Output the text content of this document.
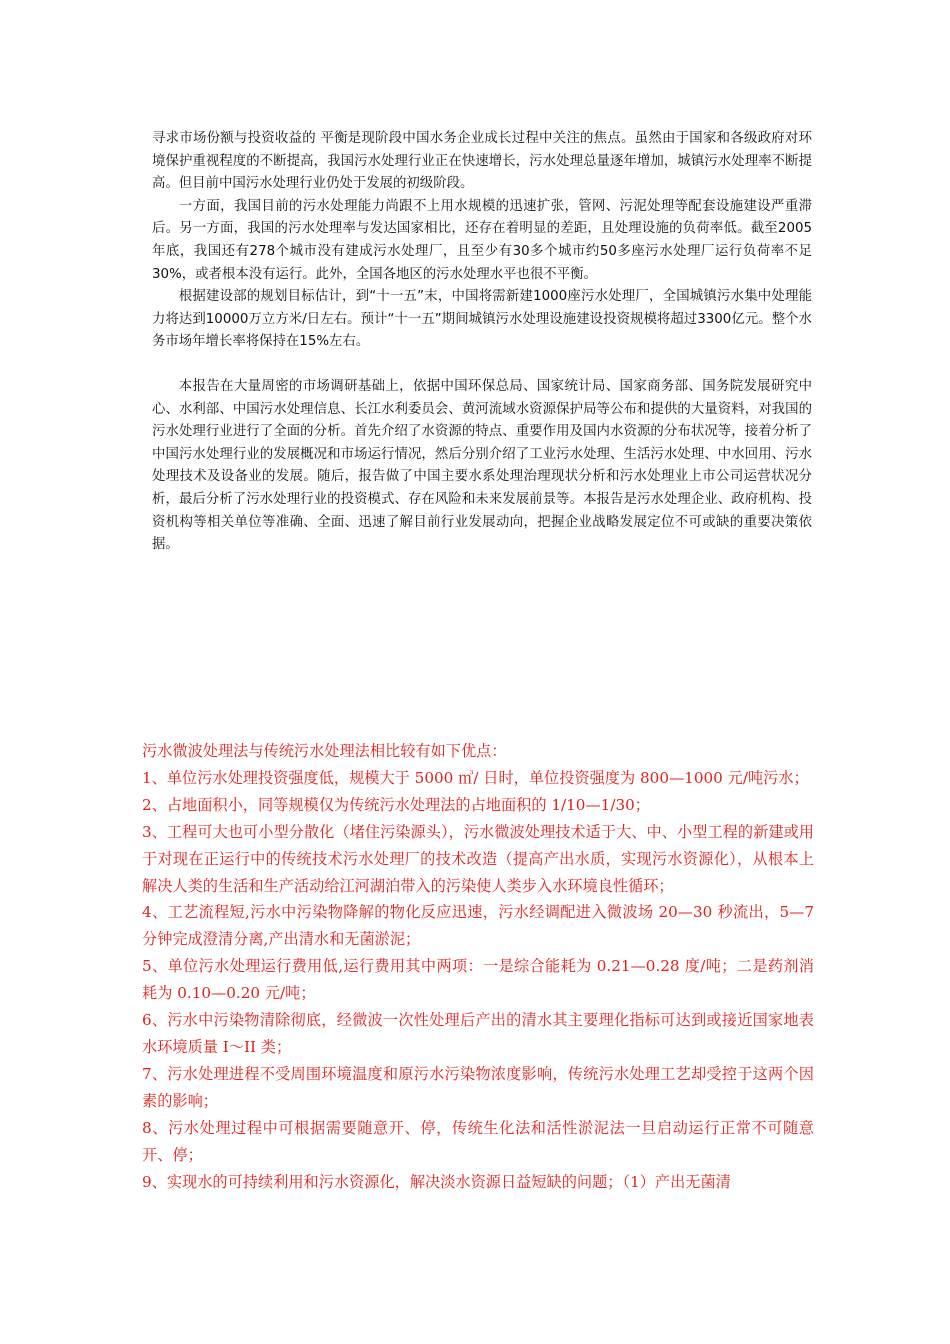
寻求市场份额与投资收益的 平衡是现阶段中国水务企业成长过程中关注的焦点。虽然由于国家和各级政府对环境保护重视程度的不断提高，我国污水处理行业正在快速增长，污水处理总量逐年增加，城镇污水处理率不断提高。但目前中国污水处理行业仍处于发展的初级阶段。

一方面，我国目前的污水处理能力尚跟不上用水规模的迅速扩张，管网、污泥处理等配套设施建设严重滞后。另一方面，我国的污水处理率与发达国家相比，还存在着明显的差距，且处理设施的负荷率低。截至2005年底，我国还有278个城市没有建成污水处理厂，且至少有30多个城市约50多座污水处理厂运行负荷率不足30%，或者根本没有运行。此外，全国各地区的污水处理水平也很不平衡。

根据建设部的规划目标估计，到“十一五”末，中国将需新建1000座污水处理厂，全国城镇污水集中处理能力将达到10000万立方米/日左右。预计“十一五”期间城镇污水处理设施建设投资规模将超过3300亿元。整个水务市场年增长率将保持在15%左右。

本报告在大量周密的市场调研基础上，依据中国环保总局、国家统计局、国家商务部、国务院发展研究中心、水利部、中国污水处理信息、长江水利委员会、黄河流域水资源保护局等公布和提供的大量资料，对我国的污水处理行业进行了全面的分析。首先介绍了水资源的特点、重要作用及国内水资源的分布状况等，接着分析了中国污水处理行业的发展概况和市场运行情况，然后分别介绍了工业污水处理、生活污水处理、中水回用、污水处理技术及设备业的发展。随后，报告做了中国主要水系处理治理现状分析和污水处理业上市公司运营状况分析，最后分析了污水处理行业的投资模式、存在风险和未来发展前景等。本报告是污水处理企业、政府机构、投资机构等相关单位等准确、全面、迅速了解目前行业发展动向，把握企业战略发展定位不可或缺的重要决策依据。

污水微波处理法与传统污水处理法相比较有如下优点：

1、单位污水处理投资强度低，规模大于 5000 ㎥/ 日时，单位投资强度为 800—1000 元/吨污水；

2、占地面积小，同等规模仅为传统污水处理法的占地面积的 1/10—1/30；

3、工程可大也可小型分散化（堵住污染源头），污水微波处理技术适于大、中、小型工程的新建或用于对现在正运行中的传统技术污水处理厂的技术改造（提高产出水质，实现污水资源化），从根本上解决人类的生活和生产活动给江河湖泊带入的污染使人类步入水环境良性循环；

4、工艺流程短,污水中污染物降解的物化反应迅速，污水经调配进入微波场 20—30 秒流出，5—7 分钟完成澄清分离,产出清水和无菌淤泥；

5、单位污水处理运行费用低,运行费用其中两项：一是综合能耗为 0.21—0.28 度/吨；二是药剂消耗为 0.10—0.20 元/吨；

6、污水中污染物清除彻底，经微波一次性处理后产出的清水其主要理化指标可达到或接近国家地表水环境质量 I～II 类；

7、污水处理进程不受周围环境温度和原污水污染物浓度影响，传统污水处理工艺却受控于这两个因素的影响；

8、污水处理过程中可根据需要随意开、停，传统生化法和活性淤泥法一旦启动运行正常不可随意开、停；

9、实现水的可持续利用和污水资源化，解决淡水资源日益短缺的问题；（1）产出无菌清
